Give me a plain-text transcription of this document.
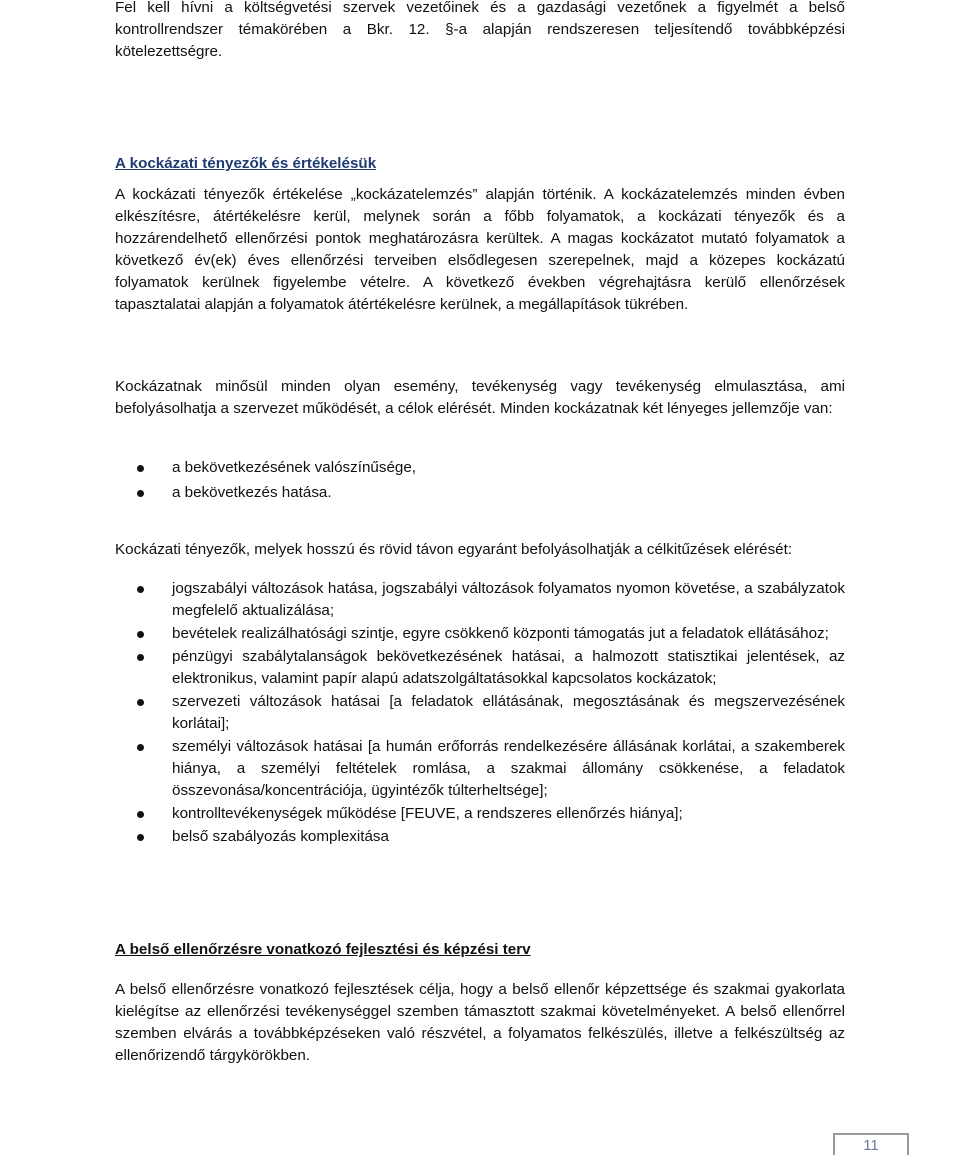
Fel kell hívni a költségvetési szervek vezetőinek és a gazdasági vezetőnek a figyelmét a belső kontrollrendszer témakörében a Bkr. 12. §-a alapján rendszeresen teljesítendő továbbképzési kötelezettségre.

A kockázati tényezők és értékelésük

A kockázati tényezők értékelése „kockázatelemzés” alapján történik. A kockázatelemzés minden évben elkészítésre, átértékelésre kerül, melynek során a főbb folyamatok, a kockázati tényezők és a hozzárendelhető ellenőrzési pontok meghatározásra kerültek. A magas kockázatot mutató folyamatok a következő év(ek) éves ellenőrzési terveiben elsődlegesen szerepelnek, majd a közepes kockázatú folyamatok kerülnek figyelembe vételre. A következő években végrehajtásra kerülő ellenőrzések tapasztalatai alapján a folyamatok átértékelésre kerülnek, a megállapítások tükrében.

Kockázatnak minősül minden olyan esemény, tevékenység vagy tevékenység elmulasztása, ami befolyásolhatja a szervezet működését, a célok elérését. Minden kockázatnak két lényeges jellemzője van:

a bekövetkezésének valószínűsége,
a bekövetkezés hatása.

Kockázati tényezők, melyek hosszú és rövid távon egyaránt befolyásolhatják a célkitűzések elérését:

jogszabályi változások hatása, jogszabályi változások folyamatos nyomon követése, a szabályzatok megfelelő aktualizálása;
bevételek realizálhatósági szintje, egyre csökkenő központi támogatás jut a feladatok ellátásához;
pénzügyi szabálytalanságok bekövetkezésének hatásai, a halmozott statisztikai jelentések, az elektronikus, valamint papír alapú adatszolgáltatásokkal kapcsolatos kockázatok;
szervezeti változások hatásai [a feladatok ellátásának, megosztásának és megszervezésének korlátai];
személyi változások hatásai [a humán erőforrás rendelkezésére állásának korlátai, a szakemberek hiánya, a személyi feltételek romlása, a szakmai állomány csökkenése, a feladatok összevonása/koncentrációja, ügyintézők túlterheltsége];
kontrolltevékenységek működése [FEUVE, a rendszeres ellenőrzés hiánya];
belső szabályozás komplexitása
A belső ellenőrzésre vonatkozó fejlesztési és képzési terv

A belső ellenőrzésre vonatkozó fejlesztések célja, hogy a belső ellenőr képzettsége és szakmai gyakorlata kielégítse az ellenőrzési tevékenységgel szemben támasztott szakmai követelményeket. A belső ellenőrrel szemben elvárás a továbbképzéseken való részvétel, a folyamatos felkészülés, illetve a felkészültség az ellenőrizendő tárgykörökben.

11
